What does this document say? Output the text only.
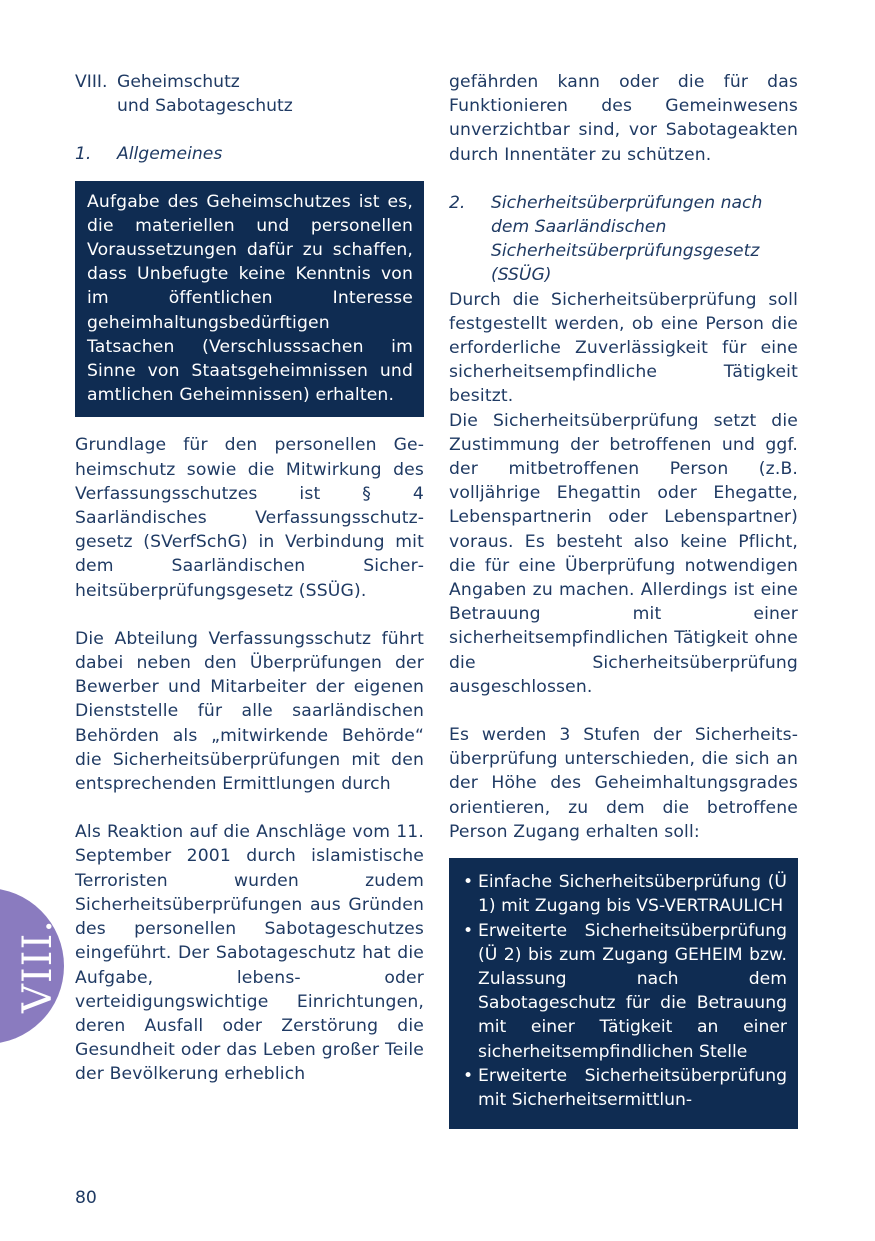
VIII. Geheimschutz
und Sabotageschutz
1.	Allgemeines

Aufgabe des Geheimschutzes ist es, die materiellen und personellen Voraussetzungen dafür zu schaffen, dass Unbefugte keine Kenntnis von im öffentlichen Interesse geheimhaltungsbedürftigen Tatsachen (Verschlusssachen im Sinne von Staatsgeheimnissen und amtlichen Geheimnissen) erhalten.

Grundlage für den personellen Geheimschutz sowie die Mitwirkung des Verfassungsschutzes ist § 4 Saarländisches Verfassungsschutzgesetz (SVerfSchG) in Verbindung mit dem Saarländischen Sicherheitsüberprüfungsgesetz (SSÜG).

Die Abteilung Verfassungsschutz führt dabei neben den Überprüfungen der Bewerber und Mitarbeiter der eigenen Dienststelle für alle saarländischen Behörden als „mitwirkende Behörde“ die Sicherheitsüberprüfungen mit den entsprechenden Ermittlungen durch

Als Reaktion auf die Anschläge vom 11. September 2001 durch islamistische Terroristen wurden zudem Sicherheitsüberprüfungen aus Gründen des personellen Sabotageschutzes eingeführt. Der Sabotageschutz hat die Aufgabe, lebens- oder verteidigungswichtige Einrichtungen, deren Ausfall oder Zerstörung die Gesundheit oder das Leben großer Teile der Bevölkerung erheblich

gefährden kann oder die für das Funktionieren des Gemeinwesens unverzichtbar sind, vor Sabotageakten durch Innentäter zu schützen.

2.	Sicherheitsüberprüfungen nach dem Saarländischen Sicherheitsüberprüfungsgesetz (SSÜG)

Durch die Sicherheitsüberprüfung soll festgestellt werden, ob eine Person die erforderliche Zuverlässigkeit für eine sicherheitsempfindliche Tätigkeit besitzt.

Die Sicherheitsüberprüfung setzt die Zustimmung der betroffenen und ggf. der mitbetroffenen Person (z.B. volljährige Ehegattin oder Ehegatte, Lebenspartnerin oder Lebenspartner) voraus. Es besteht also keine Pflicht, die für eine Überprüfung notwendigen Angaben zu machen. Allerdings ist eine Betrauung mit einer sicherheitsempfindlichen Tätigkeit ohne die Sicherheitsüberprüfung ausgeschlossen.

Es werden 3 Stufen der Sicherheitsüberprüfung unterschieden, die sich an der Höhe des Geheimhaltungsgrades orientieren, zu dem die betroffene Person Zugang erhalten soll:

• Einfache Sicherheitsüberprüfung (Ü 1) mit Zugang bis VS-VERTRAULICH
• Erweiterte Sicherheitsüberprüfung (Ü 2) bis zum Zugang GEHEIM bzw. Zulassung nach dem Sabotageschutz für die Betrauung mit einer Tätigkeit an einer sicherheitsempfindlichen Stelle
• Erweiterte Sicherheitsüberprüfung mit Sicherheitsermittlun-
VIII.
80
